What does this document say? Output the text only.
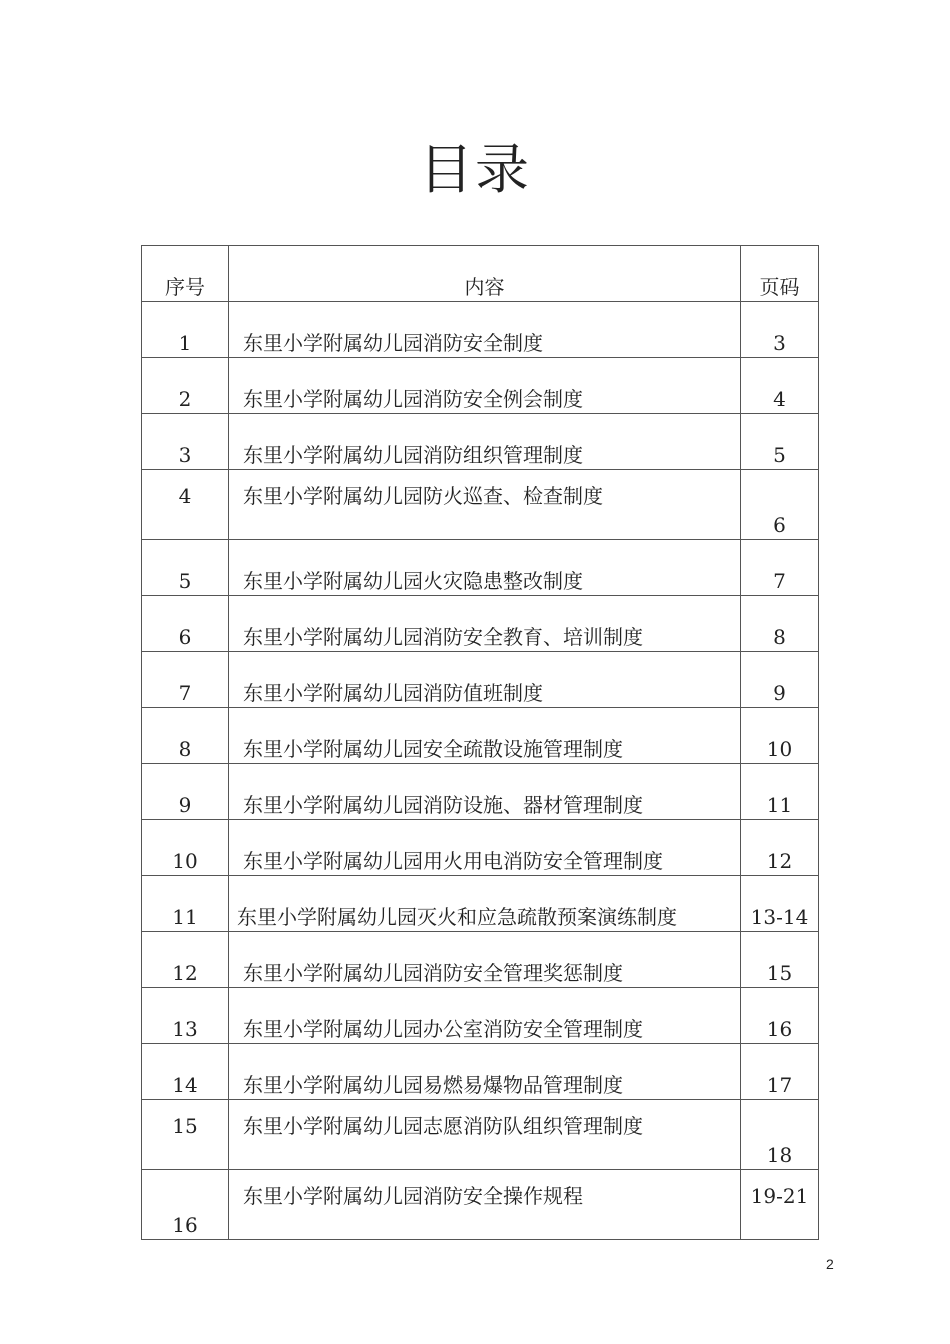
目录
序号	内容	页码
1	东里小学附属幼儿园消防安全制度	3
2	东里小学附属幼儿园消防安全例会制度	4
3	东里小学附属幼儿园消防组织管理制度	5
4	东里小学附属幼儿园防火巡查、检查制度	6
5	东里小学附属幼儿园火灾隐患整改制度	7
6	东里小学附属幼儿园消防安全教育、培训制度	8
7	东里小学附属幼儿园消防值班制度	9
8	东里小学附属幼儿园安全疏散设施管理制度	10
9	东里小学附属幼儿园消防设施、器材管理制度	11
10	东里小学附属幼儿园用火用电消防安全管理制度	12
11	东里小学附属幼儿园灭火和应急疏散预案演练制度	13-14
12	东里小学附属幼儿园消防安全管理奖惩制度	15
13	东里小学附属幼儿园办公室消防安全管理制度	16
14	东里小学附属幼儿园易燃易爆物品管理制度	17
15	东里小学附属幼儿园志愿消防队组织管理制度	18
16	东里小学附属幼儿园消防安全操作规程	19-21
2
